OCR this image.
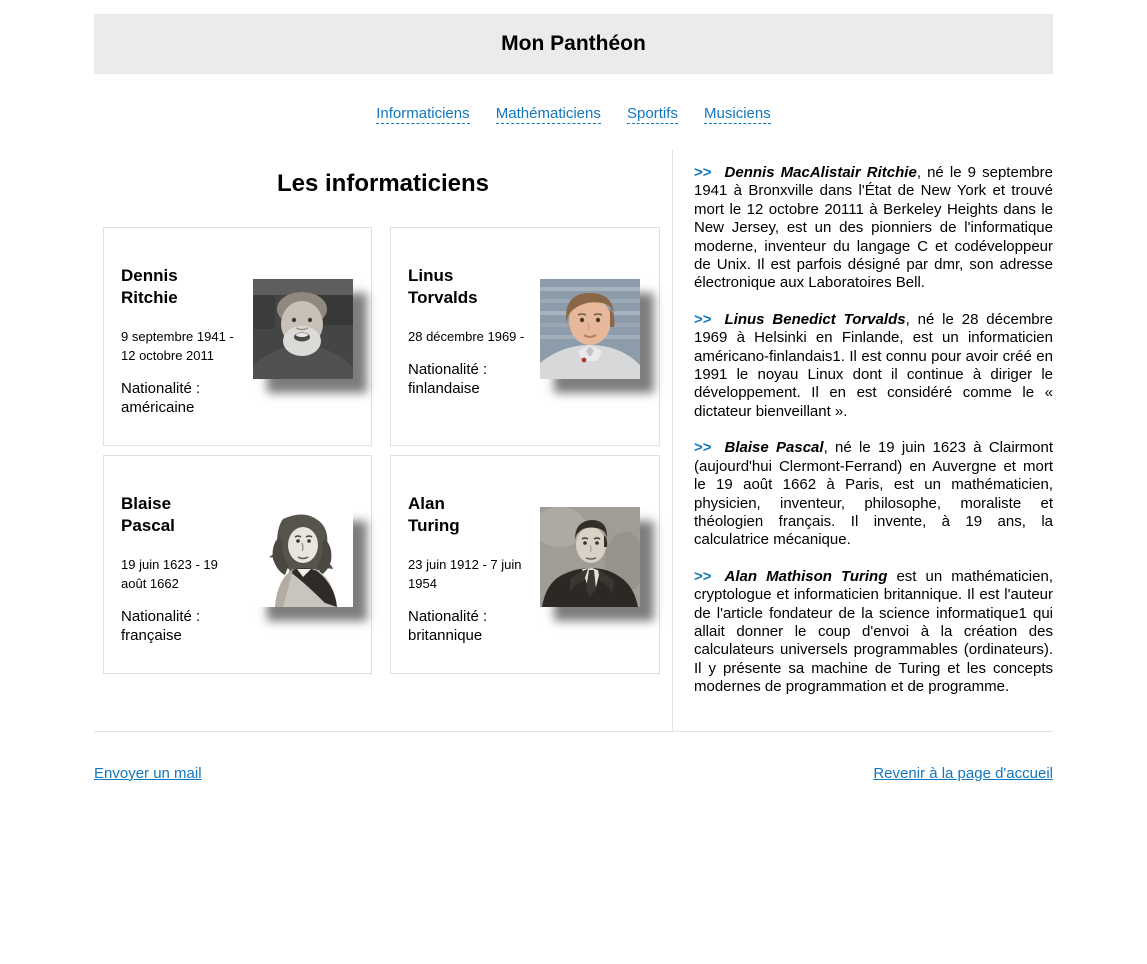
Mon Panthéon
Informaticiens Mathématiciens Sportifs Musiciens
Les informaticiens
Dennis
Ritchie
9 septembre 1941 - 12 octobre 2011
Nationalité :
américaine
Linus
Torvalds
28 décembre 1969 -
Nationalité :
finlandaise
Blaise
Pascal
19 juin 1623 - 19 août 1662
Nationalité :
française
Alan
Turing
23 juin 1912 - 7 juin 1954
Nationalité :
britannique

>> Dennis MacAlistair Ritchie, né le 9 septembre 1941 à Bronxville dans l'État de New York et trouvé mort le 12 octobre 20111 à Berkeley Heights dans le New Jersey, est un des pionniers de l'informatique moderne, inventeur du langage C et codéveloppeur de Unix. Il est parfois désigné par dmr, son adresse électronique aux Laboratoires Bell.

>> Linus Benedict Torvalds, né le 28 décembre 1969 à Helsinki en Finlande, est un informaticien américano-finlandais1. Il est connu pour avoir créé en 1991 le noyau Linux dont il continue à diriger le développement. Il en est considéré comme le « dictateur bienveillant ».

>> Blaise Pascal, né le 19 juin 1623 à Clairmont (aujourd'hui Clermont-Ferrand) en Auvergne et mort le 19 août 1662 à Paris, est un mathématicien, physicien, inventeur, philosophe, moraliste et théologien français. Il invente, à 19 ans, la calculatrice mécanique.

>> Alan Mathison Turing est un mathématicien, cryptologue et informaticien britannique. Il est l'auteur de l'article fondateur de la science informatique1 qui allait donner le coup d'envoi à la création des calculateurs universels programmables (ordinateurs). Il y présente sa machine de Turing et les concepts modernes de programmation et de programme.

Envoyer un mail	Revenir à la page d'accueil
